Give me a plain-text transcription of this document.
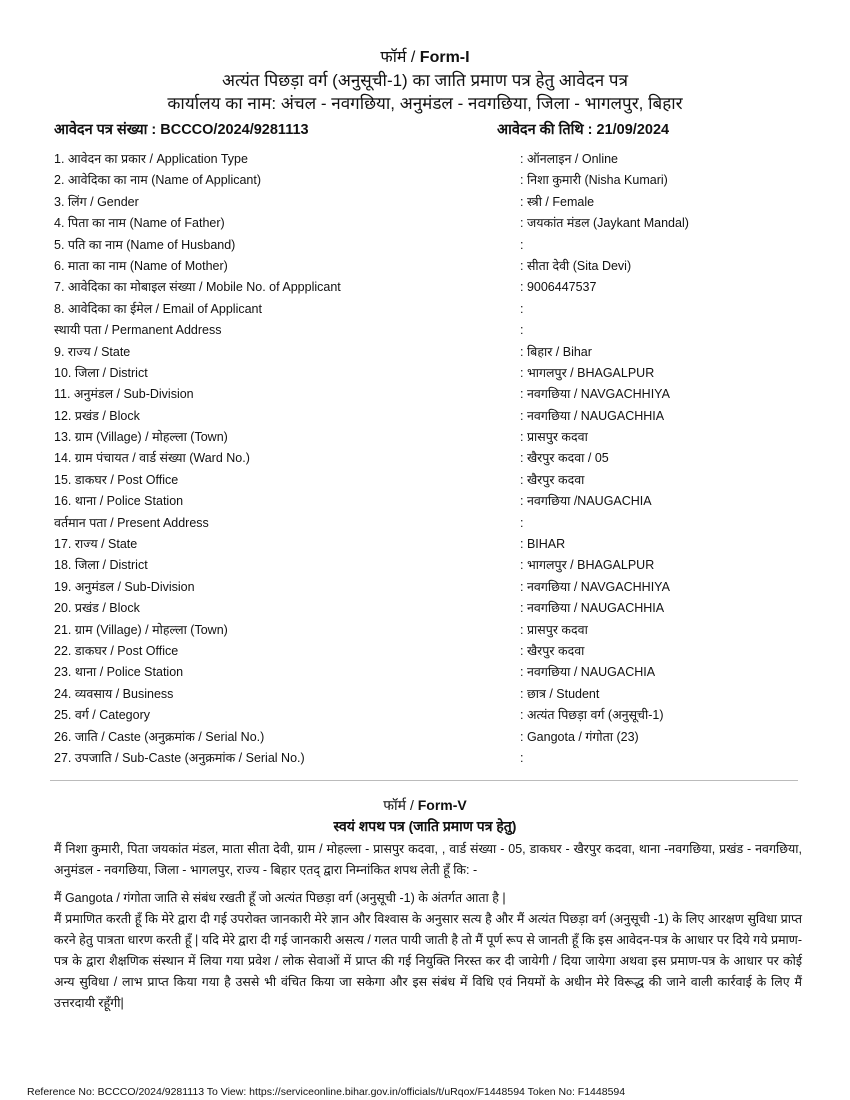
फॉर्म / Form-I
अत्यंत पिछड़ा वर्ग (अनुसूची-1) का जाति प्रमाण पत्र हेतु आवेदन पत्र
कार्यालय का नाम: अंचल - नवगछिया, अनुमंडल - नवगछिया, जिला - भागलपुर, बिहार
आवेदन पत्र संख्या : BCCCO/2024/9281113	आवेदन की तिथि : 21/09/2024
1. आवेदन का प्रकार / Application Type	: ऑनलाइन / Online
2. आवेदिका का नाम (Name of Applicant)	: निशा कुमारी (Nisha Kumari)
3. लिंग / Gender	: स्त्री / Female
4. पिता का नाम (Name of Father)	: जयकांत मंडल (Jaykant Mandal)
5. पति का नाम (Name of Husband)	:
6. माता का नाम (Name of Mother)	: सीता देवी (Sita Devi)
7. आवेदिका का मोबाइल संख्या / Mobile No. of Appplicant	: 9006447537
8. आवेदिका का ईमेल / Email of Applicant	:
स्थायी पता / Permanent Address	:
9. राज्य / State	: बिहार / Bihar
10. जिला / District	: भागलपुर / BHAGALPUR
11. अनुमंडल / Sub-Division	: नवगछिया / NAVGACHHIYA
12. प्रखंड / Block	: नवगछिया / NAUGACHHIA
13. ग्राम (Village) / मोहल्ला (Town)	: प्रासपुर कदवा
14. ग्राम पंचायत / वार्ड संख्या (Ward No.)	: खैरपुर कदवा / 05
15. डाकघर / Post Office	: खैरपुर कदवा
16. थाना / Police Station	: नवगछिया /NAUGACHIA
वर्तमान पता / Present Address	:
17. राज्य / State	: BIHAR
18. जिला / District	: भागलपुर / BHAGALPUR
19. अनुमंडल / Sub-Division	: नवगछिया / NAVGACHHIYA
20. प्रखंड / Block	: नवगछिया / NAUGACHHIA
21. ग्राम (Village) / मोहल्ला (Town)	: प्रासपुर कदवा
22. डाकघर / Post Office	: खैरपुर कदवा
23. थाना / Police Station	: नवगछिया / NAUGACHIA
24. व्यवसाय / Business	: छात्र / Student
25. वर्ग / Category	: अत्यंत पिछड़ा वर्ग (अनुसूची-1)
26. जाति / Caste (अनुक्रमांक / Serial No.)	: Gangota / गंगोता (23)
27. उपजाति / Sub-Caste (अनुक्रमांक / Serial No.)	:
फॉर्म / Form-V
स्वयं शपथ पत्र (जाति प्रमाण पत्र हेतु)
मैं निशा कुमारी, पिता जयकांत मंडल, माता सीता देवी, ग्राम / मोहल्ला - प्रासपुर कदवा, , वार्ड संख्या - 05, डाकघर - खैरपुर कदवा, थाना -नवगछिया, प्रखंड - नवगछिया, अनुमंडल - नवगछिया, जिला - भागलपुर, राज्य - बिहार एतद् द्वारा निम्नांकित शपथ लेती हूँ कि: -
मैं Gangota / गंगोता जाति से संबंध रखती हूँ जो अत्यंत पिछड़ा वर्ग (अनुसूची -1) के अंतर्गत आता है |
मैं प्रमाणित करती हूँ कि मेरे द्वारा दी गई उपरोक्त जानकारी मेरे ज्ञान और विश्वास के अनुसार सत्य है और मैं अत्यंत पिछड़ा वर्ग (अनुसूची -1) के लिए आरक्षण सुविधा प्राप्त करने हेतु पात्रता धारण करती हूँ | यदि मेरे द्वारा दी गई जानकारी असत्य / गलत पायी जाती है तो मैं पूर्ण रूप से जानती हूँ कि इस आवेदन-पत्र के आधार पर दिये गये प्रमाण-पत्र के द्वारा शैक्षणिक संस्थान में लिया गया प्रवेश / लोक सेवाओं में प्राप्त की गई नियुक्ति निरस्त कर दी जायेगी / दिया जायेगा अथवा इस प्रमाण-पत्र के आधार पर कोई अन्य सुविधा / लाभ प्राप्त किया गया है उससे भी वंचित किया जा सकेगा और इस संबंध में विधि एवं नियमों के अधीन मेरे विरूद्ध की जाने वाली कार्रवाई के लिए मैं उत्तरदायी रहूँगी|
Reference No: BCCCO/2024/9281113 To View: https://serviceonline.bihar.gov.in/officials/t/uRqox/F1448594 Token No: F1448594
